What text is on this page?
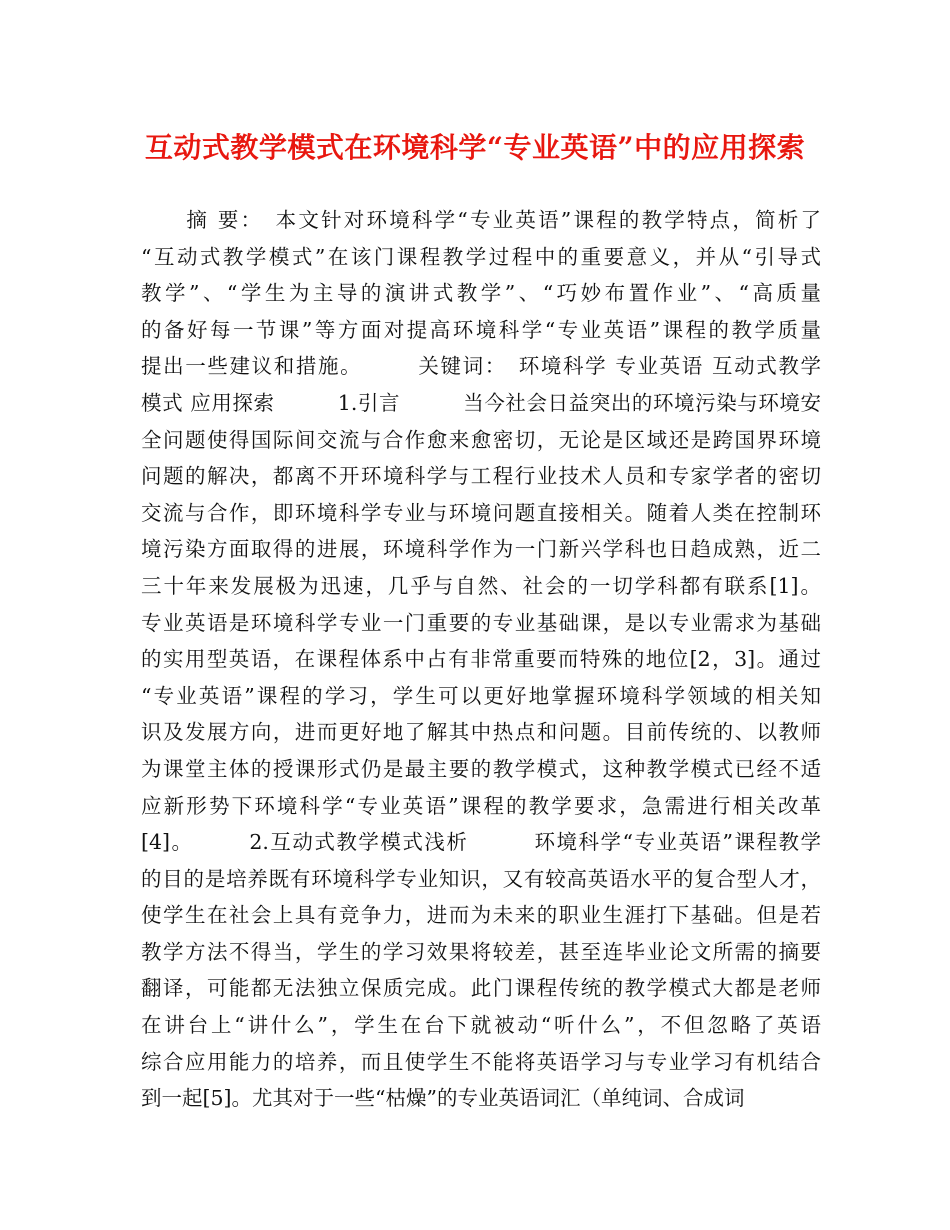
互动式教学模式在环境科学“专业英语”中的应用探索
　　摘 要：　本文针对环境科学“专业英语”课程的教学特点，简析了
“互动式教学模式”在该门课程教学过程中的重要意义，并从“引导式
教学”、“学生为主导的演讲式教学”、“巧妙布置作业”、“高质量
的备好每一节课”等方面对提高环境科学“专业英语”课程的教学质量
提出一些建议和措施。　　　关键词：　环境科学 专业英语 互动式教学
模式 应用探索　　　1.引言　　　当今社会日益突出的环境污染与环境安
全问题使得国际间交流与合作愈来愈密切，无论是区域还是跨国界环境
问题的解决，都离不开环境科学与工程行业技术人员和专家学者的密切
交流与合作，即环境科学专业与环境问题直接相关。随着人类在控制环
境污染方面取得的进展，环境科学作为一门新兴学科也日趋成熟，近二
三十年来发展极为迅速，几乎与自然、社会的一切学科都有联系[1]。
专业英语是环境科学专业一门重要的专业基础课，是以专业需求为基础
的实用型英语，在课程体系中占有非常重要而特殊的地位[2，3]。通过
“专业英语”课程的学习，学生可以更好地掌握环境科学领域的相关知
识及发展方向，进而更好地了解其中热点和问题。目前传统的、以教师
为课堂主体的授课形式仍是最主要的教学模式，这种教学模式已经不适
应新形势下环境科学“专业英语”课程的教学要求，急需进行相关改革
[4]。　　　2.互动式教学模式浅析　　　环境科学“专业英语”课程教学
的目的是培养既有环境科学专业知识，又有较高英语水平的复合型人才，
使学生在社会上具有竞争力，进而为未来的职业生涯打下基础。但是若
教学方法不得当，学生的学习效果将较差，甚至连毕业论文所需的摘要
翻译，可能都无法独立保质完成。此门课程传统的教学模式大都是老师
在讲台上“讲什么”，学生在台下就被动“听什么”，不但忽略了英语
综合应用能力的培养，而且使学生不能将英语学习与专业学习有机结合
到一起[5]。尤其对于一些“枯燥”的专业英语词汇（单纯词、合成词
